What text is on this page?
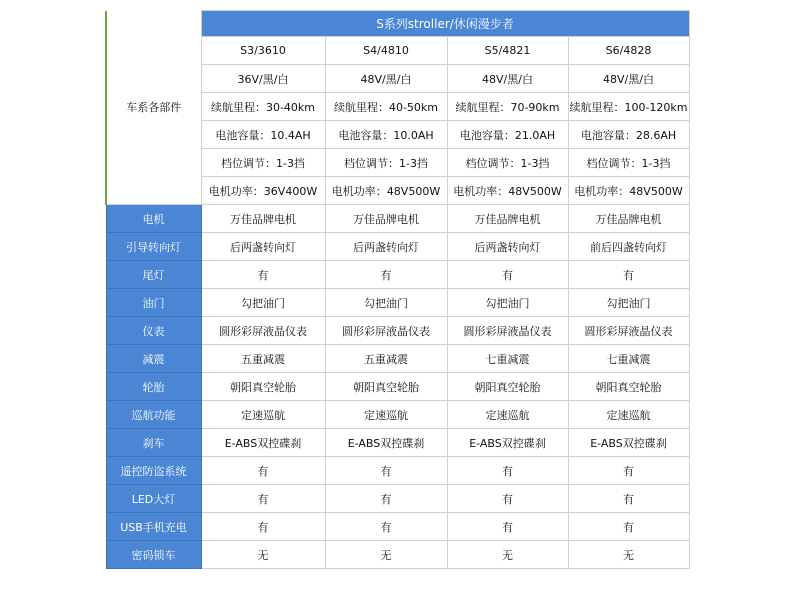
车系各部件	S系列stroller/休闲漫步者			
	S3/3610	S4/4810	S5/4821	S6/4828
	36V/黑/白	48V/黑/白	48V/黑/白	48V/黑/白
	续航里程：30-40km	续航里程：40-50km	续航里程：70-90km	续航里程：100-120km
	电池容量：10.4AH	电池容量：10.0AH	电池容量：21.0AH	电池容量：28.6AH
	档位调节：1-3挡	档位调节：1-3挡	档位调节：1-3挡	档位调节：1-3挡
	电机功率：36V400W	电机功率：48V500W	电机功率：48V500W	电机功率：48V500W
电机	万佳品牌电机	万佳品牌电机	万佳品牌电机	万佳品牌电机
引导转向灯	后两盏转向灯	后两盏转向灯	后两盏转向灯	前后四盏转向灯
尾灯	有	有	有	有
油门	勾把油门	勾把油门	勾把油门	勾把油门
仪表	圆形彩屏液晶仪表	圆形彩屏液晶仪表	圆形彩屏液晶仪表	圆形彩屏液晶仪表
减震	五重减震	五重减震	七重减震	七重减震
轮胎	朝阳真空轮胎	朝阳真空轮胎	朝阳真空轮胎	朝阳真空轮胎
巡航功能	定速巡航	定速巡航	定速巡航	定速巡航
刹车	E-ABS双控碟刹	E-ABS双控碟刹	E-ABS双控碟刹	E-ABS双控碟刹
遥控防盗系统	有	有	有	有
LED大灯	有	有	有	有
USB手机充电	有	有	有	有
密码锁车	无	无	无	无
